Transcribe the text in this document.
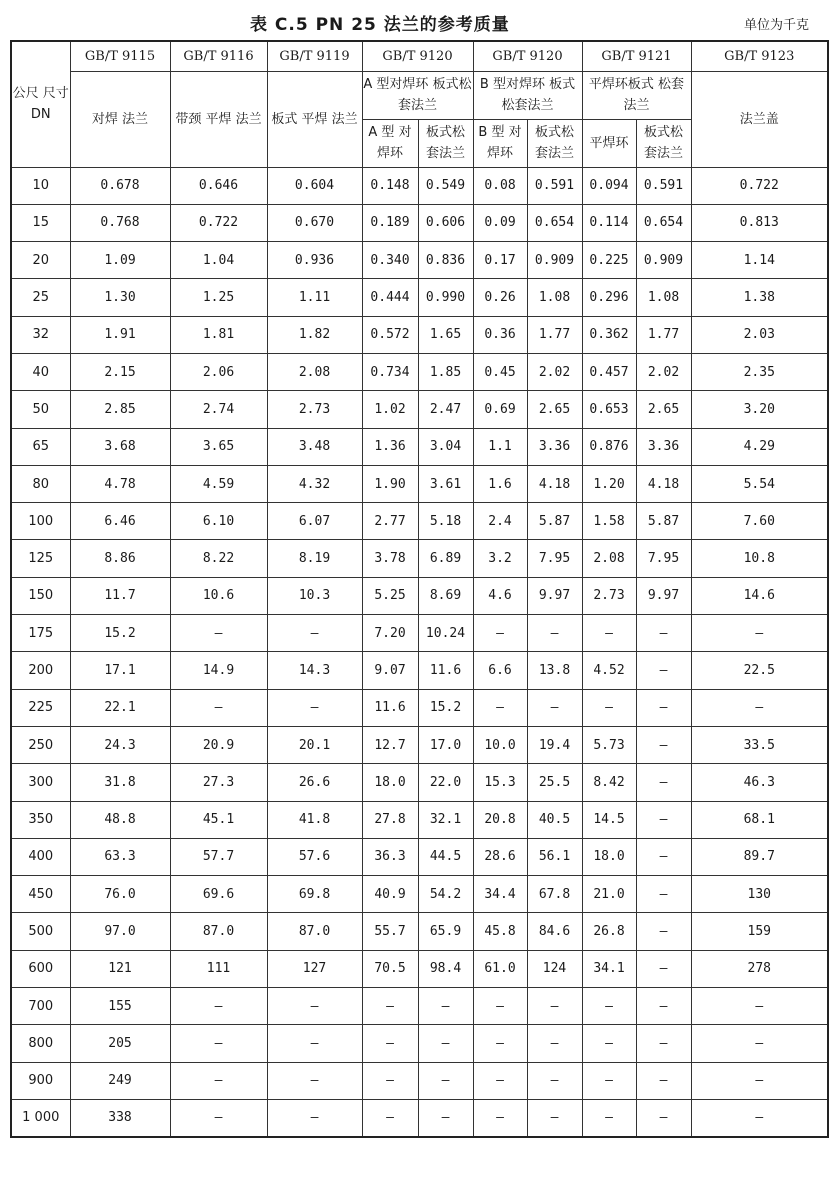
表 C.5 PN 25 法兰的参考质量	单位为千克
公尺 尺寸 DN	GB/T 9115	GB/T 9116	GB/T 9119	GB/T 9120		GB/T 9120		GB/T 9121		GB/T 9123
	对焊 法兰	带颈 平焊 法兰	板式 平焊 法兰	A 型对焊环 板式松套法兰		B 型对焊环 板式松套法兰		平焊环板式 松套法兰		法兰盖
				A 型 对焊环	板式松 套法兰	B 型 对焊环	板式松 套法兰	平焊环	板式松 套法兰	
10	0.678	0.646	0.604	0.148	0.549	0.08	0.591	0.094	0.591	0.722
15	0.768	0.722	0.670	0.189	0.606	0.09	0.654	0.114	0.654	0.813
20	1.09	1.04	0.936	0.340	0.836	0.17	0.909	0.225	0.909	1.14
25	1.30	1.25	1.11	0.444	0.990	0.26	1.08	0.296	1.08	1.38
32	1.91	1.81	1.82	0.572	1.65	0.36	1.77	0.362	1.77	2.03
40	2.15	2.06	2.08	0.734	1.85	0.45	2.02	0.457	2.02	2.35
50	2.85	2.74	2.73	1.02	2.47	0.69	2.65	0.653	2.65	3.20
65	3.68	3.65	3.48	1.36	3.04	1.1	3.36	0.876	3.36	4.29
80	4.78	4.59	4.32	1.90	3.61	1.6	4.18	1.20	4.18	5.54
100	6.46	6.10	6.07	2.77	5.18	2.4	5.87	1.58	5.87	7.60
125	8.86	8.22	8.19	3.78	6.89	3.2	7.95	2.08	7.95	10.8
150	11.7	10.6	10.3	5.25	8.69	4.6	9.97	2.73	9.97	14.6
175	15.2	—	—	7.20	10.24	—	—	—	—	—
200	17.1	14.9	14.3	9.07	11.6	6.6	13.8	4.52	—	22.5
225	22.1	—	—	11.6	15.2	—	—	—	—	—
250	24.3	20.9	20.1	12.7	17.0	10.0	19.4	5.73	—	33.5
300	31.8	27.3	26.6	18.0	22.0	15.3	25.5	8.42	—	46.3
350	48.8	45.1	41.8	27.8	32.1	20.8	40.5	14.5	—	68.1
400	63.3	57.7	57.6	36.3	44.5	28.6	56.1	18.0	—	89.7
450	76.0	69.6	69.8	40.9	54.2	34.4	67.8	21.0	—	130
500	97.0	87.0	87.0	55.7	65.9	45.8	84.6	26.8	—	159
600	121	111	127	70.5	98.4	61.0	124	34.1	—	278
700	155	—	—	—	—	—	—	—	—	—
800	205	—	—	—	—	—	—	—	—	—
900	249	—	—	—	—	—	—	—	—	—
1 000	338	—	—	—	—	—	—	—	—	—
